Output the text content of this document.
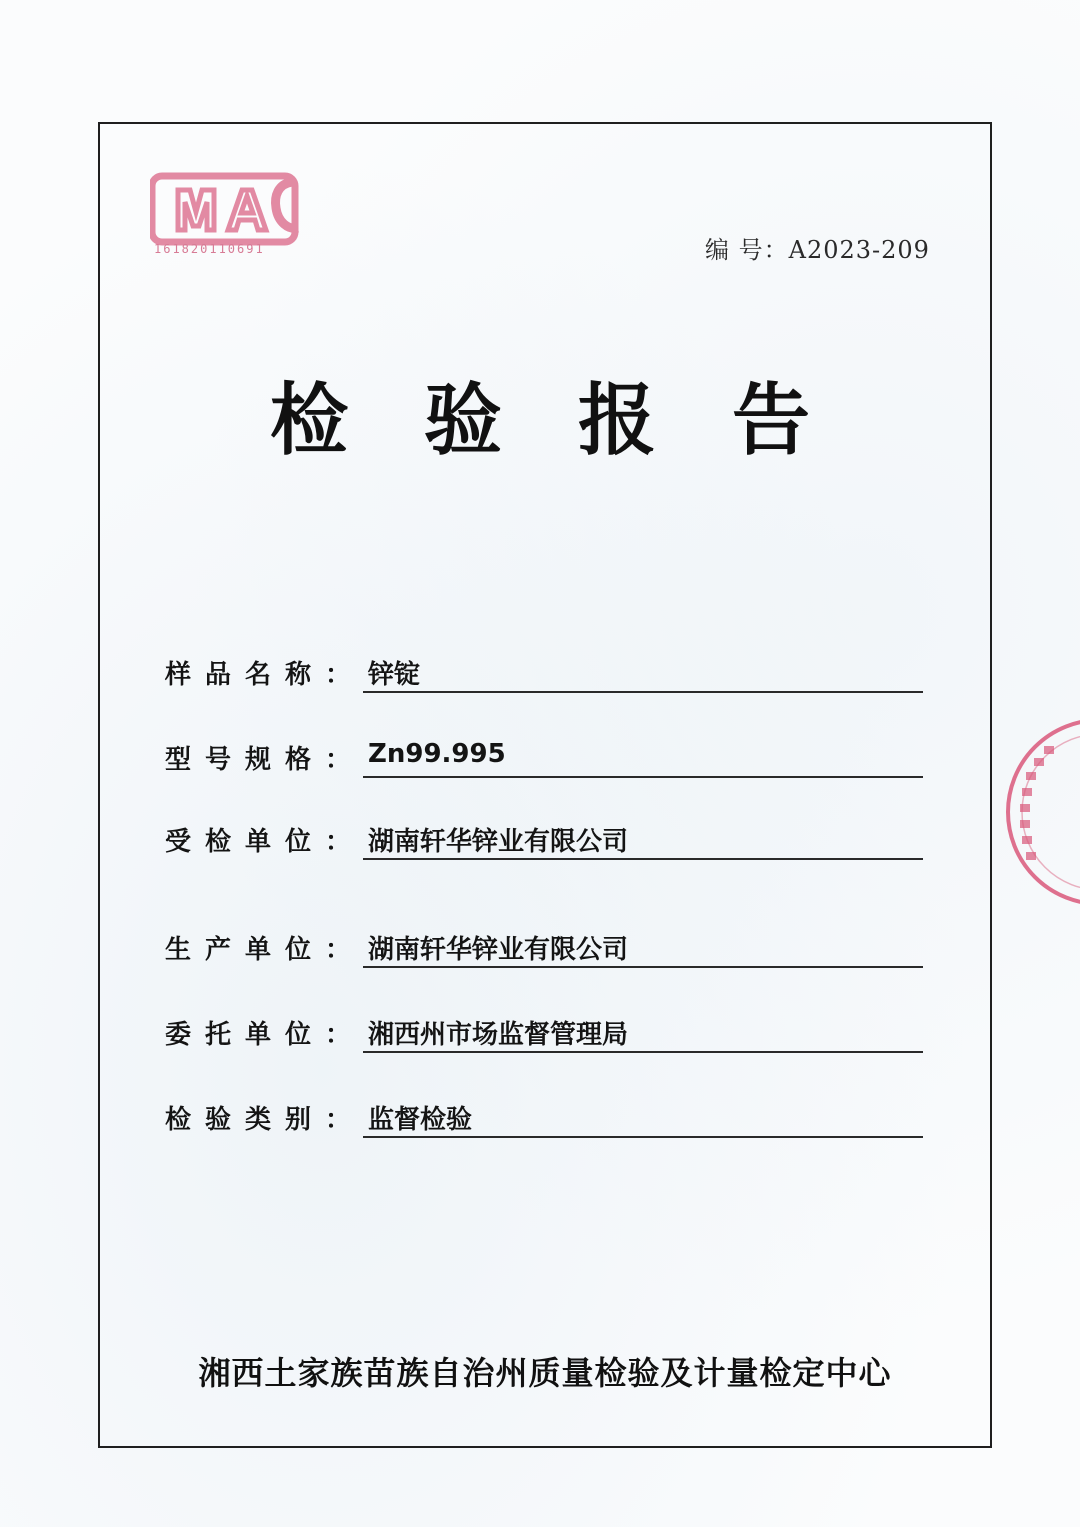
161820110691	编 号：A2023-209
检验报告
样品名称： 锌锭
型号规格： Zn99.995
受检单位： 湖南轩华锌业有限公司
生产单位： 湖南轩华锌业有限公司
委托单位： 湘西州市场监督管理局
检验类别： 监督检验
湘西土家族苗族自治州质量检验及计量检定中心
